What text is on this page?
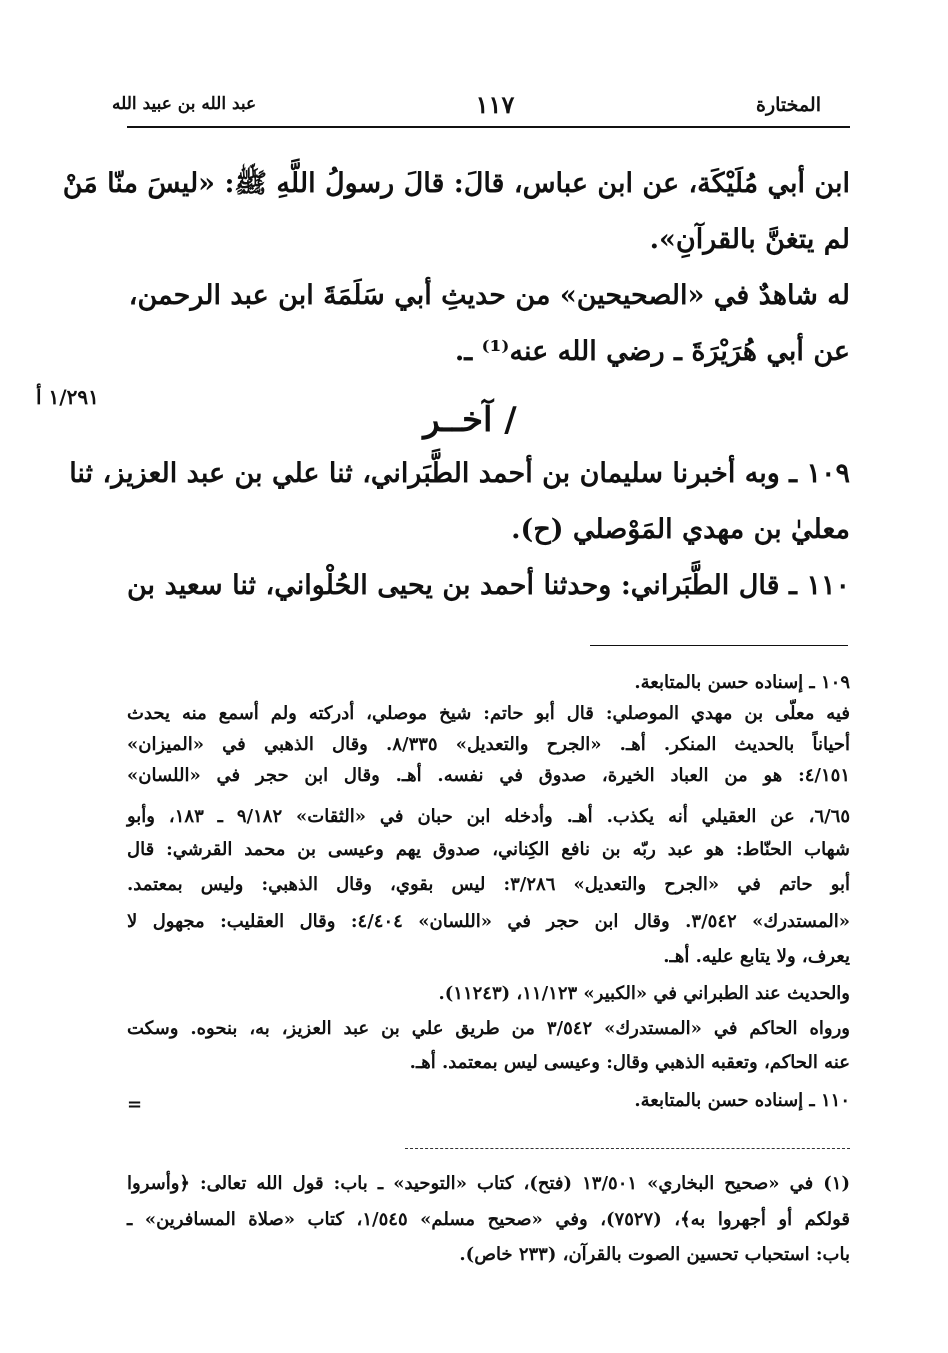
المختارة
١١٧
عبد الله بن عبيد الله
ابن أبي مُلَيْكَة، عن ابن عباس، قالَ: قالَ رسولُ اللَّهِ ﷺ: «ليسَ منّا مَنْ
لم يتغنَّ بالقرآنِ».
له شاهدٌ في «الصحيحين» من حديثِ أبي سَلَمَةَ ابن عبد الرحمن،
عن أبي هُرَيْرَةَ ـ رضي الله عنه⁽¹⁾ ـ.
١/٢٩١ أ
/ آخــر
١٠٩ ـ وبه أخبرنا سليمان بن أحمد الطَّبَراني، ثنا علي بن عبد العزيز، ثنا
معليٰ بن مهدي المَوْصلي (ح).
١١٠ ـ قال الطَّبَراني: وحدثنا أحمد بن يحيى الحُلْواني، ثنا سعيد بن
١٠٩ ـ إسناده حسن بالمتابعة.
فيه معلّى بن مهدي الموصلي: قال أبو حاتم: شيخ موصلي، أدركته ولم أسمع منه يحدث
أحياناً بالحديث المنكر. أهـ. «الجرح والتعديل» ٨/٣٣٥. وقال الذهبي في «الميزان»
٤/١٥١: هو من العباد الخيرة، صدوق في نفسه. أهـ. وقال ابن حجر في «اللسان»
٦/٦٥، عن العقيلي أنه يكذب. أهـ. وأدخله ابن حبان في «الثقات» ٩/١٨٢ ـ ١٨٣، وأبو
شهاب الحنّاط: هو عبد ربّه بن نافع الكِناني، صدوق يهم وعيسى بن محمد القرشي: قال
أبو حاتم في «الجرح والتعديل» ٣/٢٨٦: ليس بقوي، وقال الذهبي: وليس بمعتمد.
«المستدرك» ٣/٥٤٢. وقال ابن حجر في «اللسان» ٤/٤٠٤: وقال العقليب: مجهول لا
يعرف، ولا يتابع عليه. أهـ.
والحديث عند الطبراني في «الكبير» ١١/١٢٣، (١١٢٤٣).
ورواه الحاكم في «المستدرك» ٣/٥٤٢ من طريق علي بن عبد العزيز، به، بنحوه. وسكت
عنه الحاكم، وتعقبه الذهبي وقال: وعيسى ليس بمعتمد. أهـ.
١١٠ ـ إسناده حسن بالمتابعة.
=
(١) في «صحيح البخاري» ١٣/٥٠١ (فتح)، كتاب «التوحيد» ـ باب: قول الله تعالى: ﴿وأسروا
قولكم أو أجهروا به﴾، (٧٥٢٧)، وفي «صحيح مسلم» ١/٥٤٥، كتاب «صلاة المسافرين» ـ
باب: استحباب تحسين الصوت بالقرآن، (٢٣٣ خاص).
